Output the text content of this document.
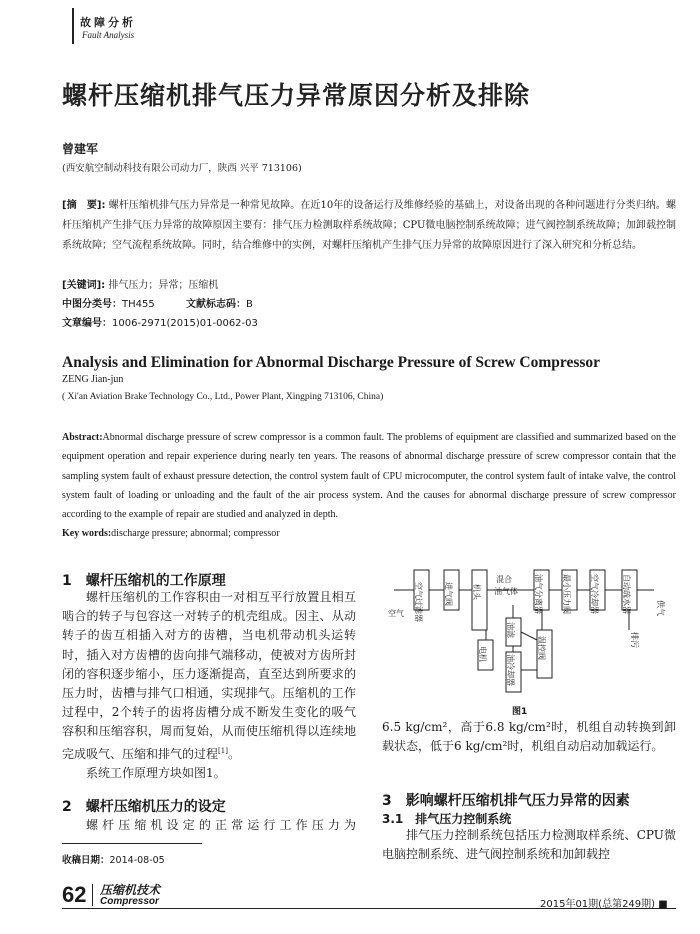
故障分析
Fault Analysis
螺杆压缩机排气压力异常原因分析及排除
曾建军
(西安航空制动科技有限公司动力厂，陕西 兴平 713106)
[摘　要]: 螺杆压缩机排气压力异常是一种常见故障。在近10年的设备运行及维修经验的基础上，对设备出现的各种问题进行分类归纳。螺杆压缩机产生排气压力异常的故障原因主要有：排气压力检测取样系统故障；CPU微电脑控制系统故障；进气阀控制系统故障；加卸载控制系统故障；空气流程系统故障。同时，结合维修中的实例，对螺杆压缩机产生排气压力异常的故障原因进行了深入研究和分析总结。
[关键词]: 排气压力；异常；压缩机
中图分类号：TH455	文献标志码：B
文章编号：1006-2971(2015)01-0062-03
Analysis and Elimination for Abnormal Discharge Pressure of Screw Compressor
ZENG Jian-jun
( Xi'an Aviation Brake Technology Co., Ltd., Power Plant, Xingping 713106, China)
Abstract:Abnormal discharge pressure of screw compressor is a common fault. The problems of equipment are classified and summarized based on the equipment operation and repair experience during nearly ten years. The reasons of abnormal discharge pressure of screw compressor contain that the sampling system fault of exhaust pressure detection, the control system fault of CPU microcomputer, the control system fault of intake valve, the control system fault of loading or unloading and the fault of the air process system. And the causes for abnormal discharge pressure of screw compressor according to the example of repair are studied and analyzed in depth.
Key words:discharge pressure; abnormal; compressor
1　螺杆压缩机的工作原理

螺杆压缩机的工作容积由一对相互平行放置且相互啮合的转子与包容这一对转子的机壳组成。因主、从动转子的齿互相插入对方的齿槽，当电机带动机头运转时，插入对方齿槽的齿向排气端移动，使被对方齿所封闭的容积逐步缩小，压力逐渐提高，直至达到所要求的压力时，齿槽与排气口相通，实现排气。压缩机的工作过程中，2个转子的齿将齿槽分成不断发生变化的吸气容积和压缩容积，周而复始，从而使压缩机得以连续地完成吸气、压缩和排气的过程[1]。

系统工作原理方块如图1。

2　螺杆压缩机压力的设定

螺杆压缩机设定的正常运行工作压力为

收稿日期：2014-08-05
空气
混合
油气体
空气过滤器	进气阀 机头	油气分离器 最小压力阀 空气冷却器	自动疏水器	供气
排污
油滤
电机 油冷却器
温控阀
图1

6.5 kg/cm²，高于6.8 kg/cm²时，机组自动转换到卸载状态，低于6 kg/cm²时，机组自动启动加载运行。

3　影响螺杆压缩机排气压力异常的因素
3.1　排气压力控制系统

排气压力控制系统包括压力检测取样系统、CPU微电脑控制系统、进气阀控制系统和加卸载控

62 压缩机技术
Compressor	2015年01期(总第249期) ■
